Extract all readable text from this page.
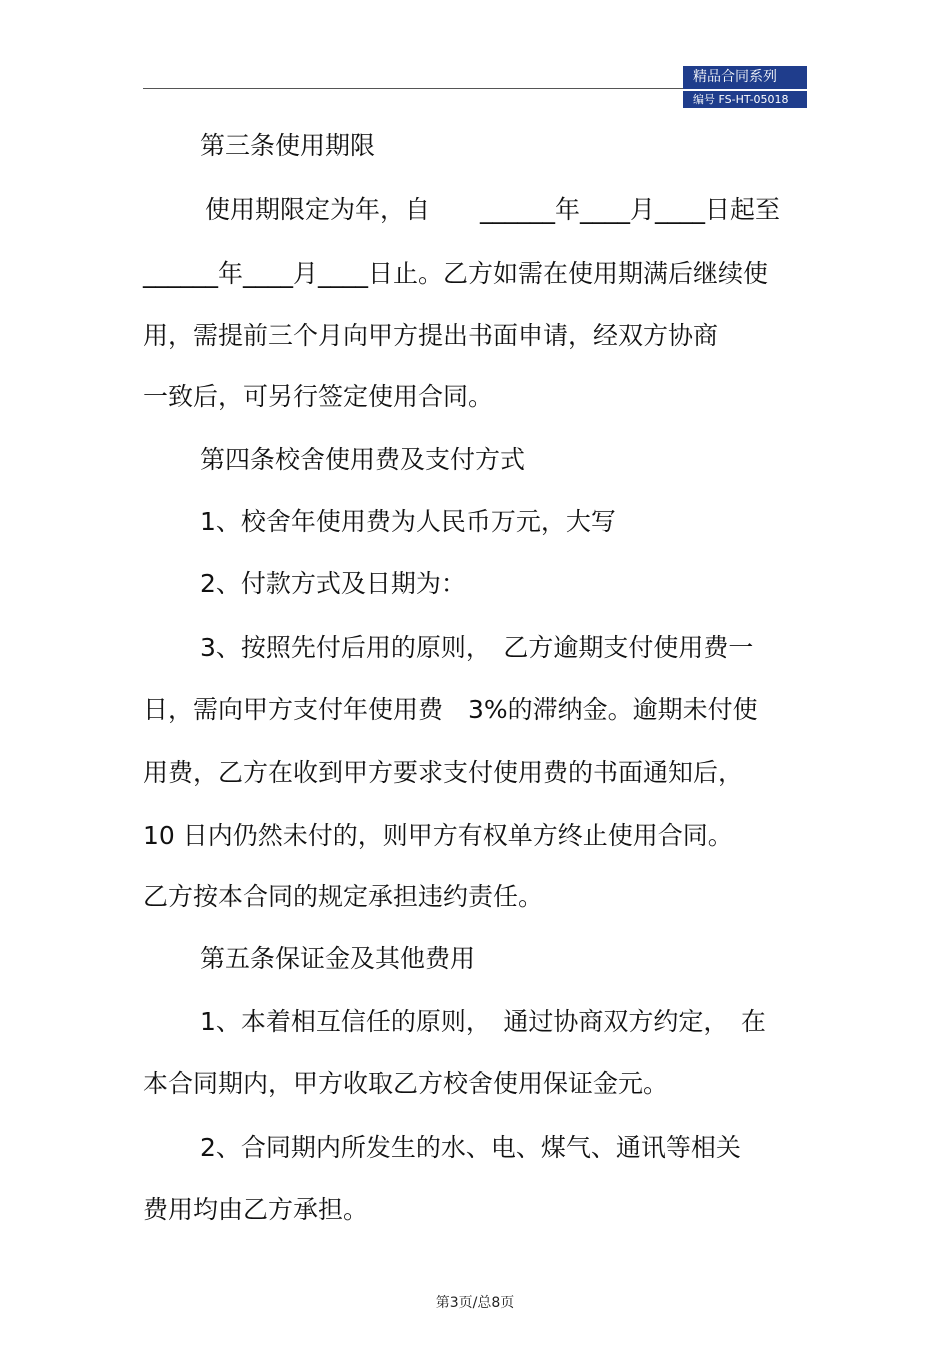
精品合同系列
编号 FS-HT-05018
第三条使用期限
使用期限定为年，自　　______年____月____日起至
______年____月____日止。乙方如需在使用期满后继续使
用，需提前三个月向甲方提出书面申请，经双方协商
一致后，可另行签定使用合同。
第四条校舍使用费及支付方式
1、校舍年使用费为人民币万元，大写
2、付款方式及日期为：
3、按照先付后用的原则，　乙方逾期支付使用费一
日，需向甲方支付年使用费　3%的滞纳金。逾期未付使
用费，乙方在收到甲方要求支付使用费的书面通知后，
10 日内仍然未付的，则甲方有权单方终止使用合同。
乙方按本合同的规定承担违约责任。
第五条保证金及其他费用
1、本着相互信任的原则，　通过协商双方约定，　在
本合同期内，甲方收取乙方校舍使用保证金元。
2、合同期内所发生的水、电、煤气、通讯等相关
费用均由乙方承担。
第3页/总8页
